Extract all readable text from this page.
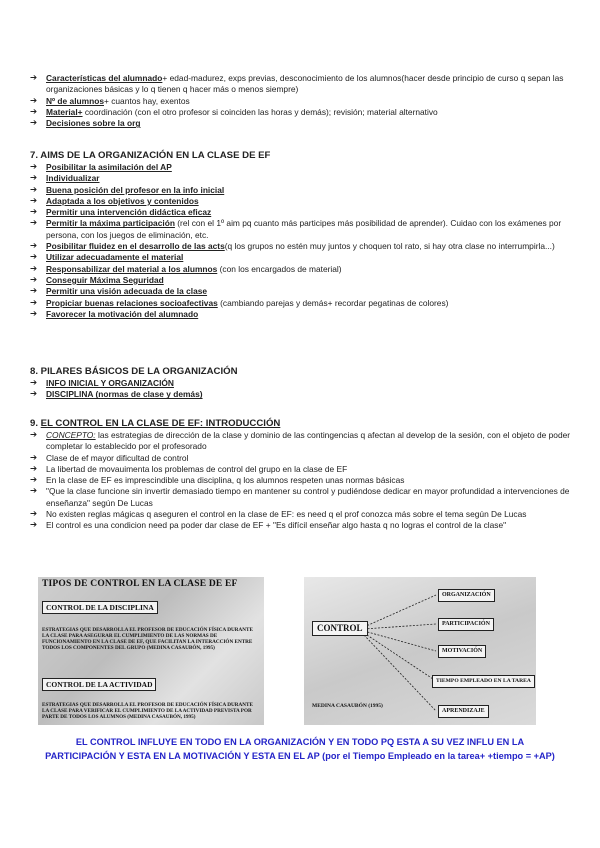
➔ Características del alumnado+ edad-madurez, exps previas, desconocimiento de los alumnos(hacer desde principio de curso q sepan las organizaciones básicas y lo q tienen q hacer más o menos siempre)
➔ Nº de alumnos+ cuantos hay, exentos
➔ Material+ coordinación (con el otro profesor si coinciden las horas y demás); revisión; material alternativo
➔ Decisiones sobre la org
7. AIMS DE LA ORGANIZACIÓN EN LA CLASE DE EF
➔ Posibilitar la asimilación del AP
➔ Individualizar
➔ Buena posición del profesor en la info inicial
➔ Adaptada a los objetivos y contenidos
➔ Permitir una intervención didáctica eficaz
➔ Permitir la máxima participación (rel con el 1º aim pq cuanto más participes más posibilidad de aprender). Cuidao con los exámenes por persona, con los juegos de eliminación, etc.
➔ Posibilitar fluidez en el desarrollo de las acts(q los grupos no estén muy juntos y choquen tol rato, si hay otra clase no interrumpirla...)
➔ Utilizar adecuadamente el material
➔ Responsabilizar del material a los alumnos (con los encargados de material)
➔ Conseguir Máxima Seguridad
➔ Permitir una visión adecuada de la clase
➔ Propiciar buenas relaciones socioafectivas (cambiando parejas y demás+ recordar pegatinas de colores)
➔ Favorecer la motivación del alumnado
8. PILARES BÁSICOS DE LA ORGANIZACIÓN
➔ INFO INICIAL Y ORGANIZACIÓN
➔ DISCIPLINA (normas de clase y demás)
9. EL CONTROL EN LA CLASE DE EF: INTRODUCCIÓN
➔ CONCEPTO: las estrategias de dirección de la clase y dominio de las contingencias q afectan al develop de la sesión, con el objeto de poder completar lo establecido por el profesorado
➔ Clase de ef mayor dificultad de control
➔ La libertad de movauimenta los problemas de control del grupo en la clase de EF
➔ En la clase de EF es imprescindible una disciplina, q los alumnos respeten unas normas básicas
➔ "Que la clase funcione sin invertir demasiado tiempo en mantener su control y pudiéndose dedicar en mayor profundidad a intervenciones de enseñanza" según De Lucas
➔ No existen reglas mágicas q aseguren el control en la clase de EF: es need q el prof conozca más sobre el tema según De Lucas
➔ El control es una condicion need pa poder dar clase de EF + "Es difícil enseñar algo hasta q no logras el control de la clase"
TIPOS DE CONTROL EN LA CLASE DE EF
CONTROL DE LA DISCIPLINA
ESTRATEGIAS QUE DESARROLLA EL PROFESOR DE EDUCACIÓN FÍSICA DURANTE LA CLASE PARA ASEGURAR EL CUMPLIMIENTO DE LAS NORMAS DE FUNCIONAMIENTO EN LA CLASE DE EF, QUE FACILITAN LA INTERACCIÓN ENTRE TODOS LOS COMPONENTES DEL GRUPO (MEDINA CASAUBÓN, 1995)
CONTROL DE LA ACTIVIDAD
ESTRATEGIAS QUE DESARROLLA EL PROFESOR DE EDUCACIÓN FÍSICA DURANTE LA CLASE PARA VERIFICAR EL CUMPLIMIENTO DE LA ACTIVIDAD PREVISTA POR PARTE DE TODOS LOS ALUMNOS (MEDINA CASAUBÓN, 1995)
CONTROL
ORGANIZACIÓN
PARTICIPACIÓN
MOTIVACIÓN
TIEMPO EMPLEADO EN LA TAREA
APRENDIZAJE
MEDINA CASAUBÓN (1995)
EL CONTROL INFLUYE EN TODO EN LA ORGANIZACIÓN Y EN TODO PQ ESTA A SU VEZ INFLU EN LA PARTICIPACIÓN Y ESTA EN LA MOTIVACIÓN Y ESTA EN EL AP (por el Tiempo Empleado en la tarea+ +tiempo = +AP)
